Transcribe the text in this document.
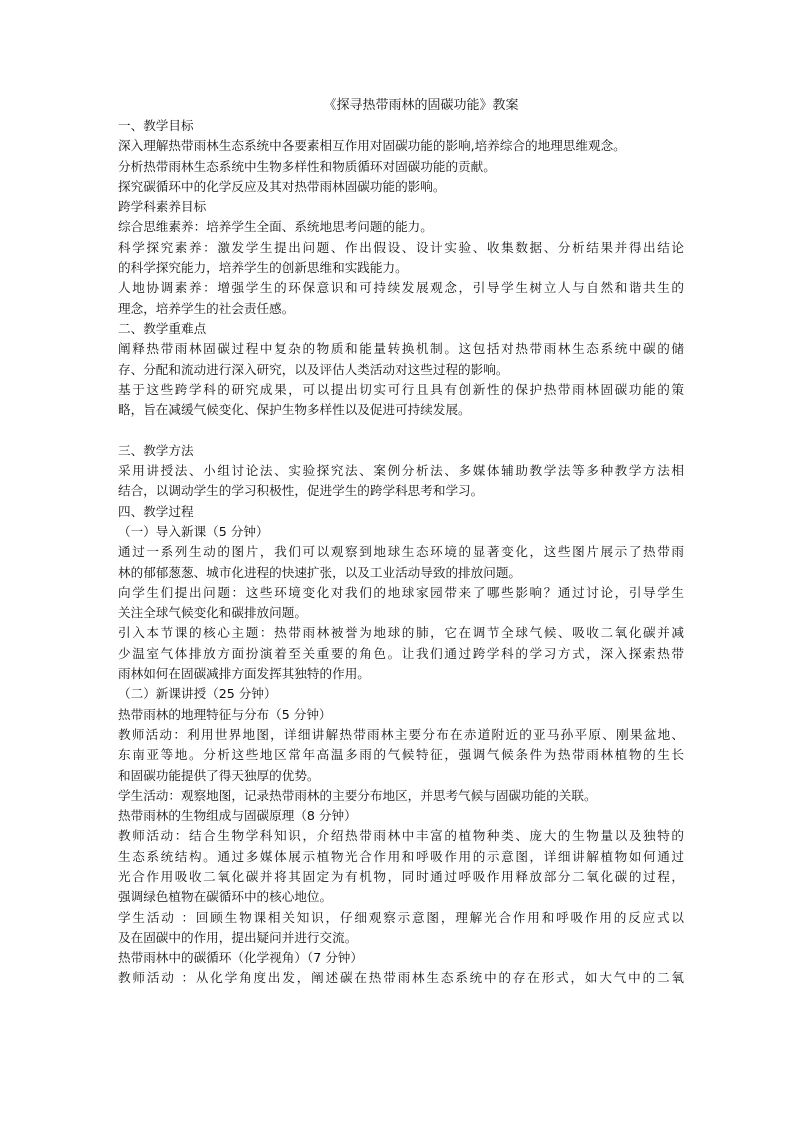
《探寻热带雨林的固碳功能》教案

一、教学目标

深入理解热带雨林生态系统中各要素相互作用对固碳功能的影响,培养综合的地理思维观念。

分析热带雨林生态系统中生物多样性和物质循环对固碳功能的贡献。

探究碳循环中的化学反应及其对热带雨林固碳功能的影响。

跨学科素养目标

综合思维素养：培养学生全面、系统地思考问题的能力。

科学探究素养：激发学生提出问题、作出假设、设计实验、收集数据、分析结果并得出结论

的科学探究能力，培养学生的创新思维和实践能力。

人地协调素养：增强学生的环保意识和可持续发展观念，引导学生树立人与自然和谐共生的

理念，培养学生的社会责任感。

二、教学重难点

阐释热带雨林固碳过程中复杂的物质和能量转换机制。这包括对热带雨林生态系统中碳的储

存、分配和流动进行深入研究，以及评估人类活动对这些过程的影响。

基于这些跨学科的研究成果，可以提出切实可行且具有创新性的保护热带雨林固碳功能的策

略，旨在减缓气候变化、保护生物多样性以及促进可持续发展。

三、教学方法

采用讲授法、小组讨论法、实验探究法、案例分析法、多媒体辅助教学法等多种教学方法相

结合，以调动学生的学习积极性，促进学生的跨学科思考和学习。

四、教学过程

（一）导入新课（5 分钟）

通过一系列生动的图片，我们可以观察到地球生态环境的显著变化，这些图片展示了热带雨

林的郁郁葱葱、城市化进程的快速扩张，以及工业活动导致的排放问题。

向学生们提出问题：这些环境变化对我们的地球家园带来了哪些影响？通过讨论，引导学生

关注全球气候变化和碳排放问题。

引入本节课的核心主题：热带雨林被誉为地球的肺，它在调节全球气候、吸收二氧化碳并减

少温室气体排放方面扮演着至关重要的角色。让我们通过跨学科的学习方式，深入探索热带

雨林如何在固碳减排方面发挥其独特的作用。

（二）新课讲授（25 分钟）

热带雨林的地理特征与分布（5 分钟）

教师活动：利用世界地图，详细讲解热带雨林主要分布在赤道附近的亚马孙平原、刚果盆地、

东南亚等地。分析这些地区常年高温多雨的气候特征，强调气候条件为热带雨林植物的生长

和固碳功能提供了得天独厚的优势。

学生活动：观察地图，记录热带雨林的主要分布地区，并思考气候与固碳功能的关联。

热带雨林的生物组成与固碳原理（8 分钟）

教师活动：结合生物学科知识，介绍热带雨林中丰富的植物种类、庞大的生物量以及独特的

生态系统结构。通过多媒体展示植物光合作用和呼吸作用的示意图，详细讲解植物如何通过

光合作用吸收二氧化碳并将其固定为有机物，同时通过呼吸作用释放部分二氧化碳的过程，

强调绿色植物在碳循环中的核心地位。

学生活动 ：回顾生物课相关知识，仔细观察示意图，理解光合作用和呼吸作用的反应式以

及在固碳中的作用，提出疑问并进行交流。

热带雨林中的碳循环（化学视角）（7 分钟）

教师活动 ：从化学角度出发，阐述碳在热带雨林生态系统中的存在形式，如大气中的二氧
